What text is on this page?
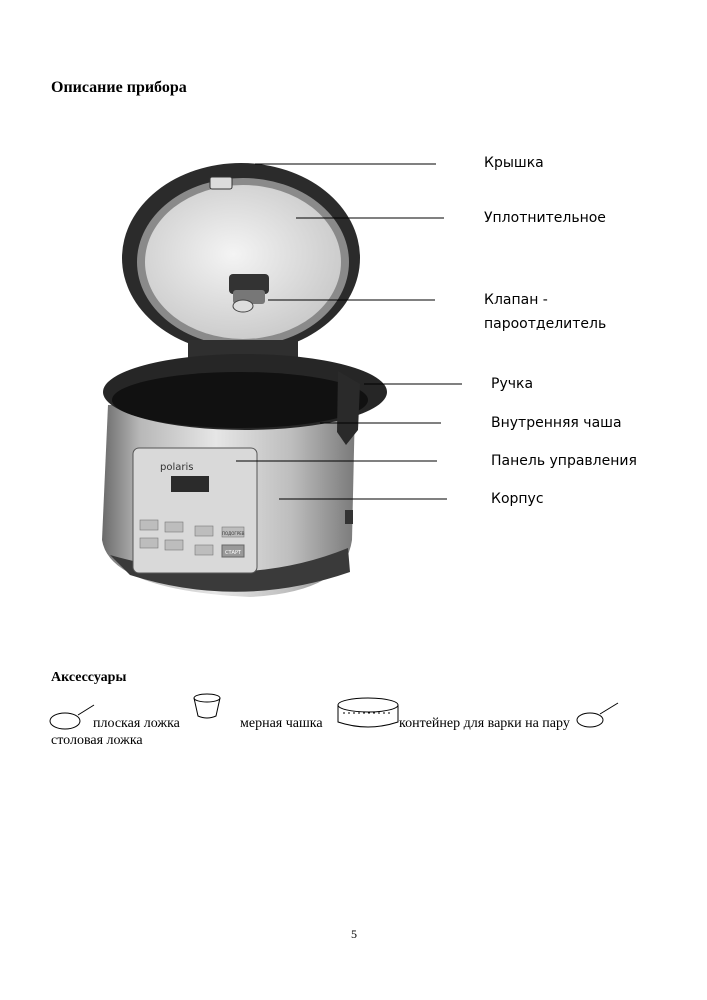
Описание прибора
polaris
СТАРТ
ПОДОГРЕВ
Крышка
Уплотнительное
Клапан -
пароотделитель
Ручка
Внутренняя чаша
Панель управления
Корпус
Аксессуары
плоская ложка	мерная чашка	контейнер для варки на пару
столовая ложка
5
